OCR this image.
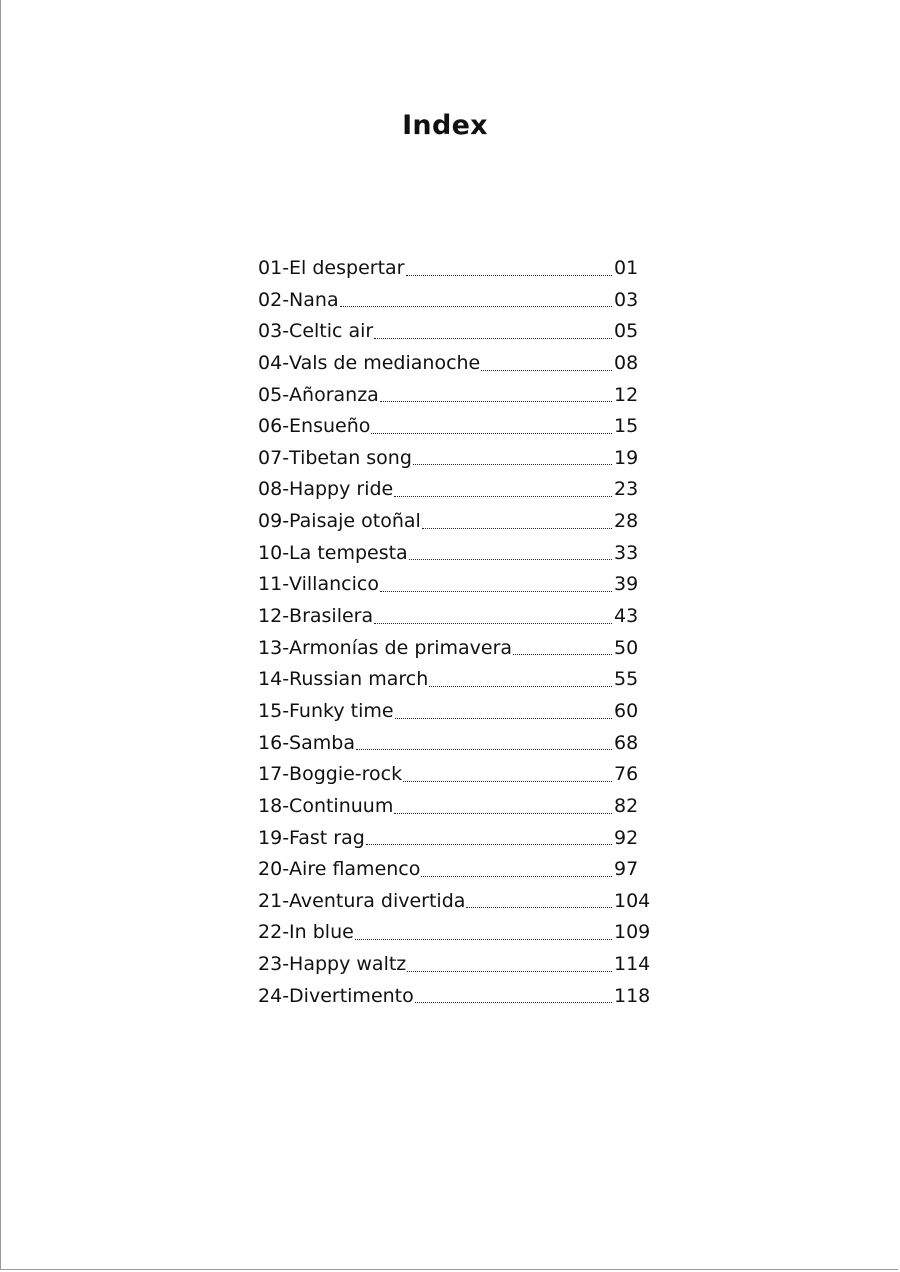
Index
01 - El despertar	01
02 - Nana	03
03 - Celtic air	05
04 - Vals de medianoche	08
05 - Añoranza	12
06 - Ensueño	15
07 - Tibetan song	19
08 - Happy ride	23
09 - Paisaje otoñal	28
10 - La tempesta	33
11 - Villancico	39
12 - Brasilera	43
13 - Armonías de primavera	50
14 - Russian march	55
15 - Funky time	60
16 - Samba	68
17 - Boggie-rock	76
18 - Continuum	82
19 - Fast rag	92
20 - Aire flamenco	97
21 - Aventura divertida	104
22 - In blue	109
23 - Happy waltz	114
24 - Divertimento	118
